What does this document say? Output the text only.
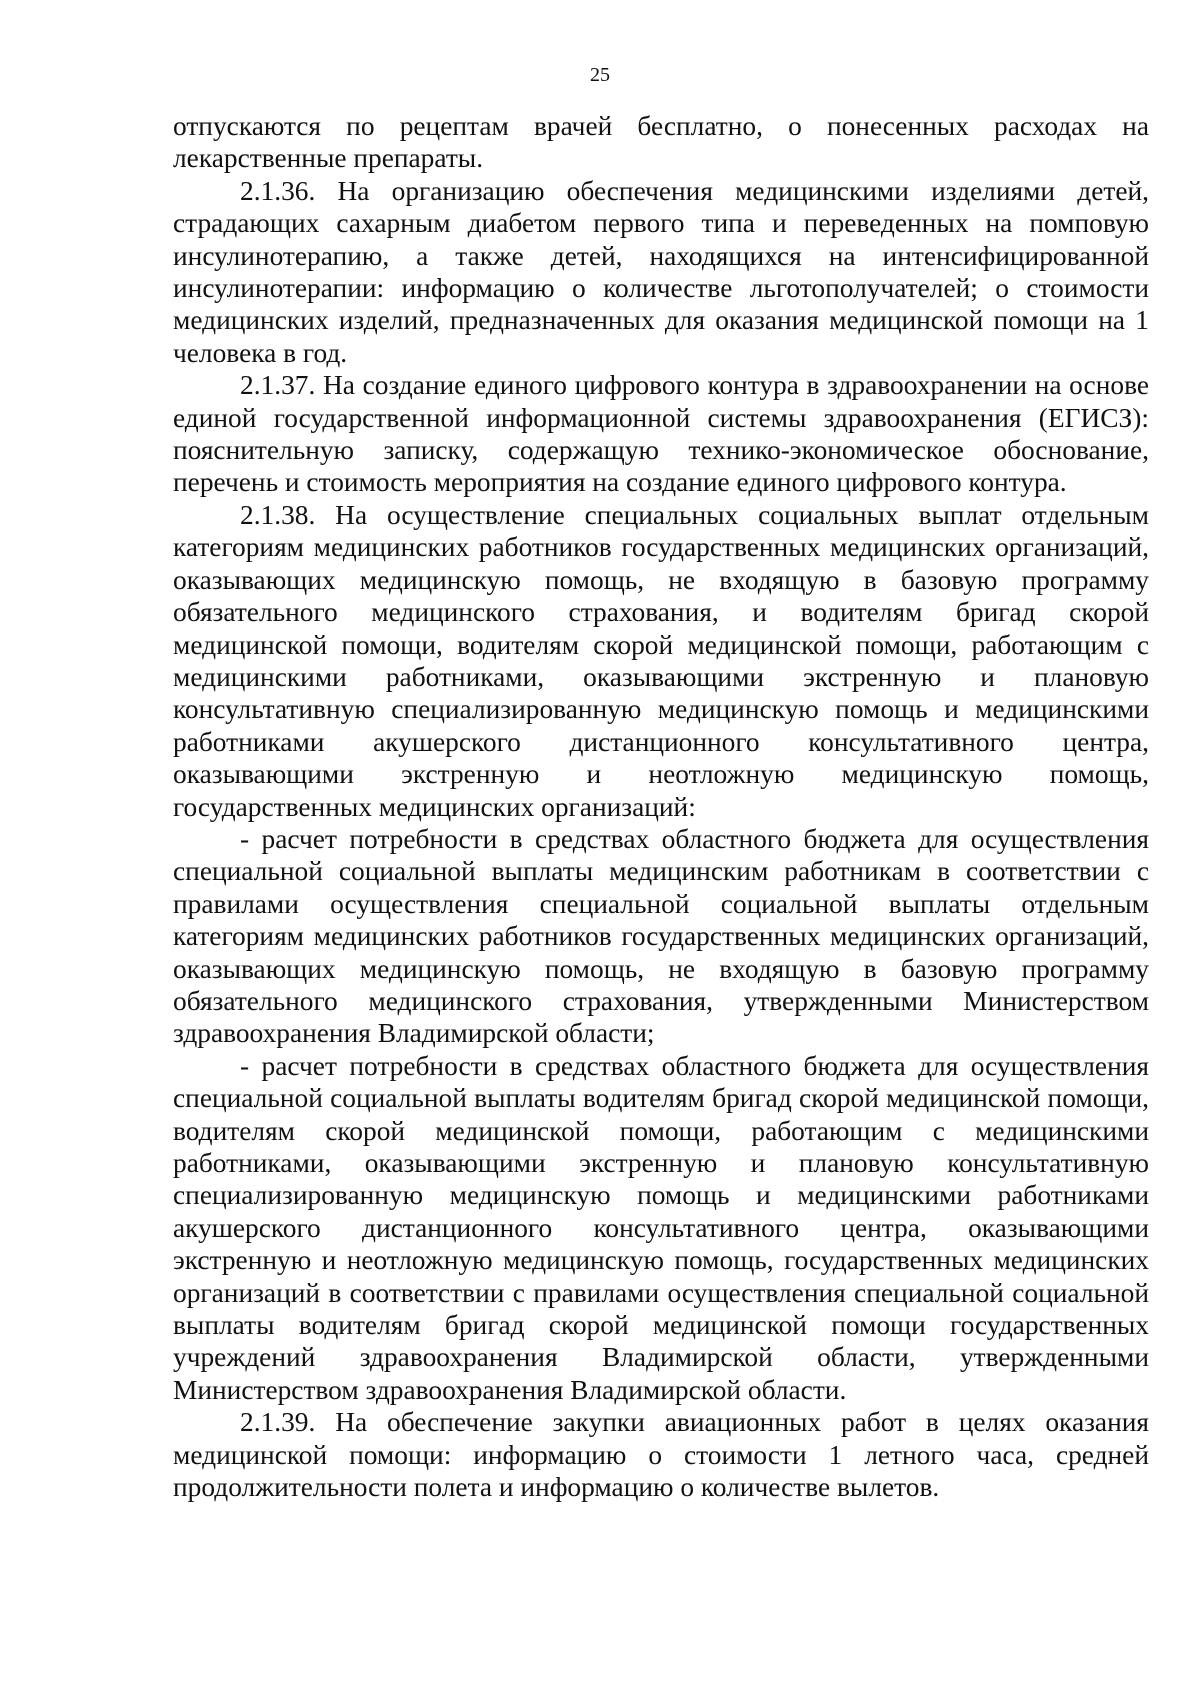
25

отпускаются по рецептам врачей бесплатно, о понесенных расходах на лекарственные препараты.

2.1.36. На организацию обеспечения медицинскими изделиями детей, страдающих сахарным диабетом первого типа и переведенных на помповую инсулинотерапию, а также детей, находящихся на интенсифицированной инсулинотерапии: информацию о количестве льготополучателей; о стоимости медицинских изделий, предназначенных для оказания медицинской помощи на 1 человека в год.

2.1.37. На создание единого цифрового контура в здравоохранении на основе единой государственной информационной системы здравоохранения (ЕГИСЗ): пояснительную записку, содержащую технико-экономическое обоснование, перечень и стоимость мероприятия на создание единого цифрового контура.

2.1.38. На осуществление специальных социальных выплат отдельным категориям медицинских работников государственных медицинских организаций, оказывающих медицинскую помощь, не входящую в базовую программу обязательного медицинского страхования, и водителям бригад скорой медицинской помощи, водителям скорой медицинской помощи, работающим с медицинскими работниками, оказывающими экстренную и плановую консультативную специализированную медицинскую помощь и медицинскими работниками акушерского дистанционного консультативного центра, оказывающими экстренную и неотложную медицинскую помощь, государственных медицинских организаций:

- расчет потребности в средствах областного бюджета для осуществления специальной социальной выплаты медицинским работникам в соответствии с правилами осуществления специальной социальной выплаты отдельным категориям медицинских работников государственных медицинских организаций, оказывающих медицинскую помощь, не входящую в базовую программу обязательного медицинского страхования, утвержденными Министерством здравоохранения Владимирской области;

- расчет потребности в средствах областного бюджета для осуществления специальной социальной выплаты водителям бригад скорой медицинской помощи, водителям скорой медицинской помощи, работающим с медицинскими работниками, оказывающими экстренную и плановую консультативную специализированную медицинскую помощь и медицинскими работниками акушерского дистанционного консультативного центра, оказывающими экстренную и неотложную медицинскую помощь, государственных медицинских организаций в соответствии с правилами осуществления специальной социальной выплаты водителям бригад скорой медицинской помощи государственных учреждений здравоохранения Владимирской области, утвержденными Министерством здравоохранения Владимирской области.

2.1.39. На обеспечение закупки авиационных работ в целях оказания медицинской помощи: информацию о стоимости 1 летного часа, средней продолжительности полета и информацию о количестве вылетов.
